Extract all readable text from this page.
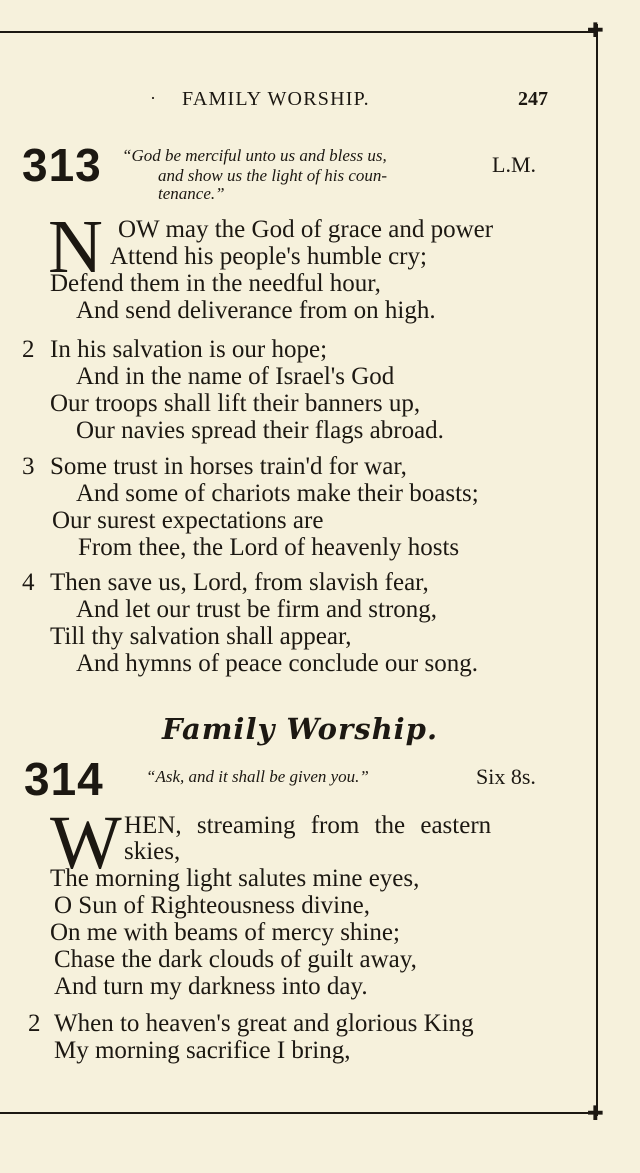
✚
✚
· FAMILY WORSHIP.	247
313 “God be merciful unto us and bless us,
and show us the light of his coun-
tenance.”
L.M.
N OW may the God of grace and power
Attend his people's humble cry;
Defend them in the needful hour,
And send deliverance from on high.
2 In his salvation is our hope;
And in the name of Israel's God
Our troops shall lift their banners up,
Our navies spread their flags abroad.
3 Some trust in horses train'd for war,
And some of chariots make their boasts;
Our surest expectations are
From thee, the Lord of heavenly hosts
4 Then save us, Lord, from slavish fear,
And let our trust be firm and strong,
Till thy salvation shall appear,
And hymns of peace conclude our song.
Family Worship.
314 “Ask, and it shall be given you.”	Six 8s.
W HEN, streaming from the eastern
skies,
The morning light salutes mine eyes,
O Sun of Righteousness divine,
On me with beams of mercy shine;
Chase the dark clouds of guilt away,
And turn my darkness into day.
2 When to heaven's great and glorious King
My morning sacrifice I bring,
